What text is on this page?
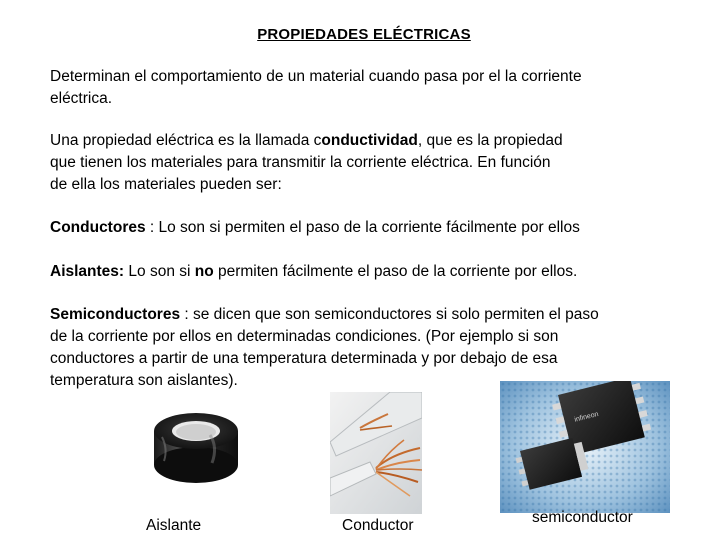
PROPIEDADES ELÉCTRICAS

Determinan el comportamiento de un material cuando pasa por el la corriente
eléctrica.

Una propiedad eléctrica es la llamada conductividad, que es la propiedad
que tienen los materiales para transmitir la corriente eléctrica. En función
de ella los materiales pueden ser:

Conductores : Lo son si permiten el paso de la corriente fácilmente por ellos

Aislantes: Lo son si no permiten fácilmente el paso de la corriente por ellos.

Semiconductores : se dicen que son semiconductores si solo permiten el paso
de la corriente por ellos en determinadas condiciones. (Por ejemplo si son
conductores a partir de una temperatura determinada y por debajo de esa
temperatura son aislantes).

infineon
Aislante	Conductor	semiconductor
